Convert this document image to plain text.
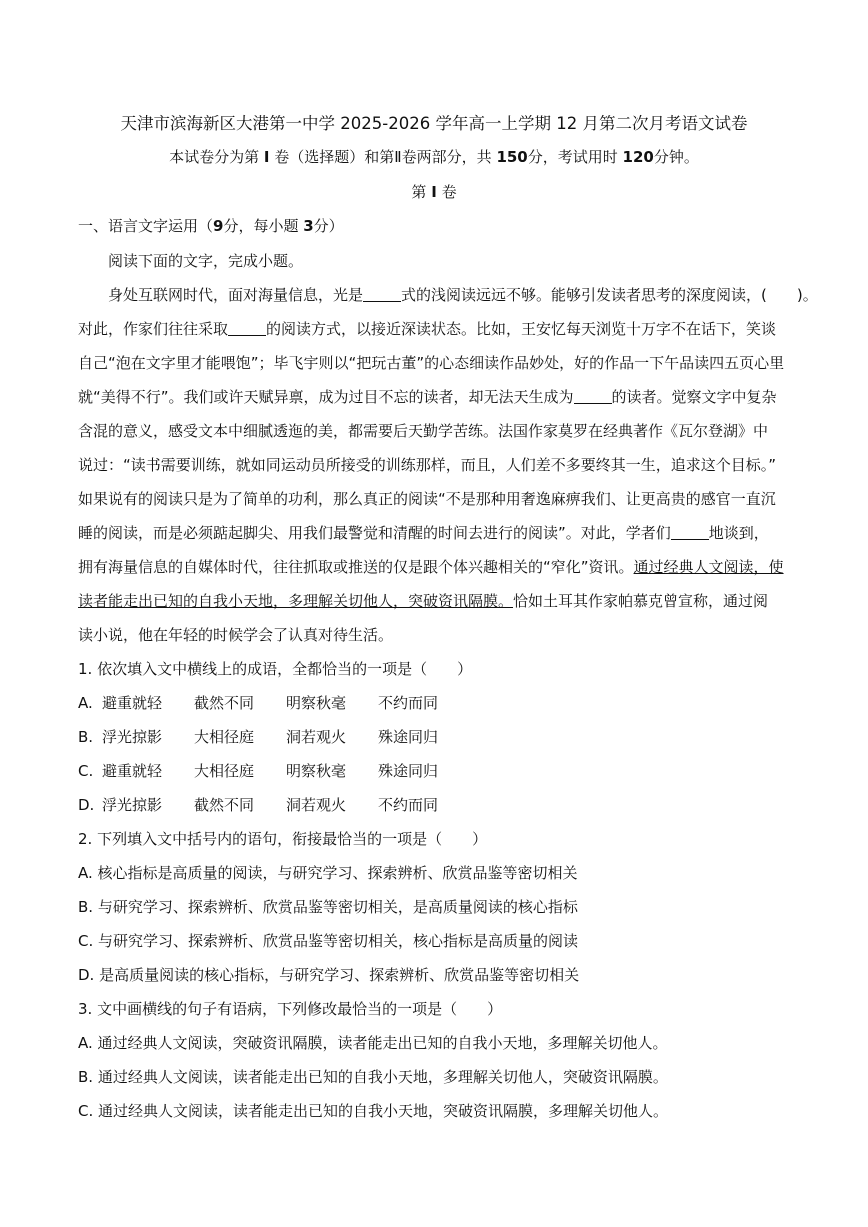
天津市滨海新区大港第一中学 2025-2026 学年高一上学期 12 月第二次月考语文试卷
本试卷分为第 Ⅰ 卷（选择题）和第Ⅱ卷两部分，共 150分，考试用时 120分钟。
第 Ⅰ 卷
一、语言文字运用（9分，每小题 3分）
阅读下面的文字，完成小题。
身处互联网时代，面对海量信息，光是	式的浅阅读远远不够。能够引发读者思考的深度阅读，(　　)。
对此，作家们往往采取	的阅读方式，以接近深读状态。比如，王安忆每天浏览十万字不在话下，笑谈
自己“泡在文字里才能喂饱”；毕飞宇则以“把玩古董”的心态细读作品妙处，好的作品一下午品读四五页心里
就“美得不行”。我们或许天赋异禀，成为过目不忘的读者，却无法天生成为	的读者。觉察文字中复杂
含混的意义，感受文本中细腻透迤的美，都需要后天勤学苦练。法国作家莫罗在经典著作《瓦尔登湖》中
说过：“读书需要训练，就如同运动员所接受的训练那样，而且，人们差不多要终其一生，追求这个目标。”
如果说有的阅读只是为了简单的功利，那么真正的阅读“不是那种用奢逸麻痹我们、让更高贵的感官一直沉
睡的阅读，而是必须踮起脚尖、用我们最警觉和清醒的时间去进行的阅读”。对此，学者们	地谈到，
拥有海量信息的自媒体时代，往往抓取或推送的仅是跟个体兴趣相关的“窄化”资讯。通过经典人文阅读，使
读者能走出已知的自我小天地，多理解关切他人，突破资讯隔膜。恰如土耳其作家帕慕克曾宣称，通过阅
读小说，他在年轻的时候学会了认真对待生活。
1. 依次填入文中横线上的成语，全都恰当的一项是（　　）
A. 避重就轻 截然不同 明察秋毫 不约而同
B. 浮光掠影 大相径庭 洞若观火 殊途同归
C. 避重就轻 大相径庭 明察秋毫 殊途同归
D. 浮光掠影 截然不同 洞若观火 不约而同
2. 下列填入文中括号内的语句，衔接最恰当的一项是（　　）
A. 核心指标是高质量的阅读，与研究学习、探索辨析、欣赏品鉴等密切相关
B. 与研究学习、探索辨析、欣赏品鉴等密切相关，是高质量阅读的核心指标
C. 与研究学习、探索辨析、欣赏品鉴等密切相关，核心指标是高质量的阅读
D. 是高质量阅读的核心指标，与研究学习、探索辨析、欣赏品鉴等密切相关
3. 文中画横线的句子有语病，下列修改最恰当的一项是（　　）
A. 通过经典人文阅读，突破资讯隔膜，读者能走出已知的自我小天地，多理解关切他人。
B. 通过经典人文阅读，读者能走出已知的自我小天地，多理解关切他人，突破资讯隔膜。
C. 通过经典人文阅读，读者能走出已知的自我小天地，突破资讯隔膜，多理解关切他人。
